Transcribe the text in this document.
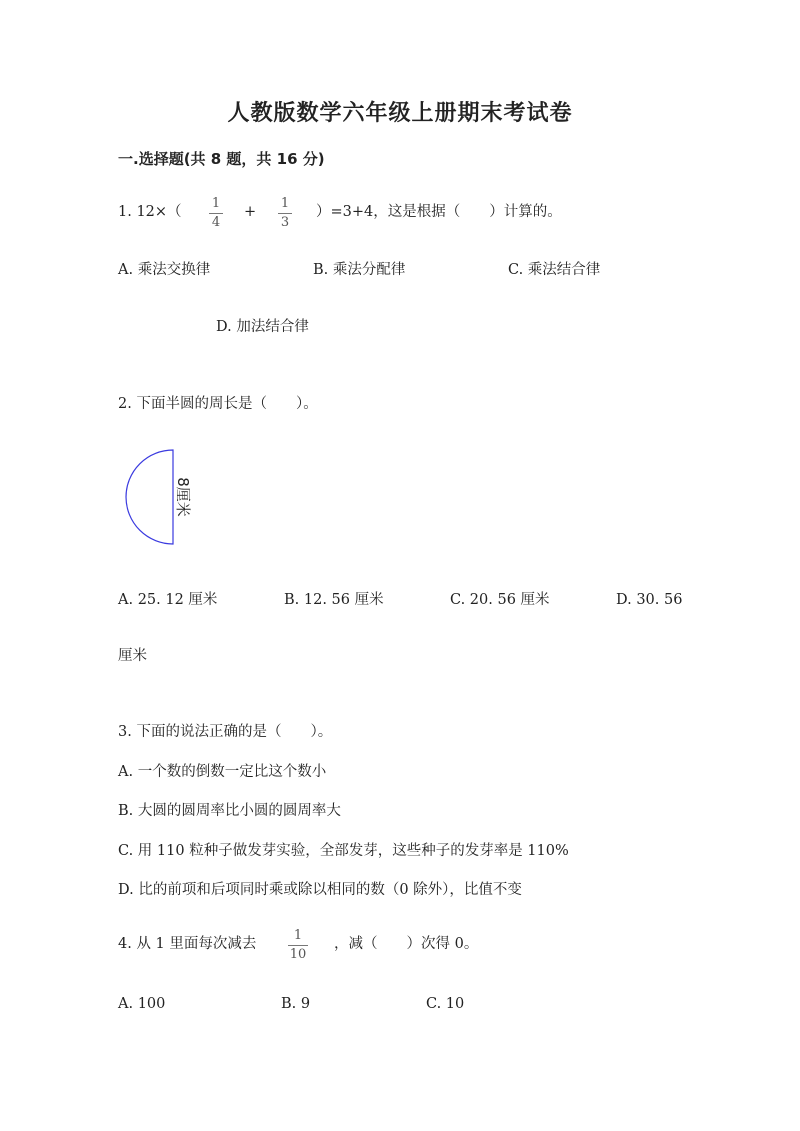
人教版数学六年级上册期末考试卷
一.选择题(共 8 题，共 16 分)
1. 12×（
1
4
+
1
3
）=3+4，这是根据（　　）计算的。
A. 乘法交换律	B. 乘法分配律	C. 乘法结合律
D. 加法结合律
2. 下面半圆的周长是（　　）。
8厘米
A. 25. 12 厘米	B. 12. 56 厘米	C. 20. 56 厘米	D. 30. 56
厘米
3. 下面的说法正确的是（　　）。
A. 一个数的倒数一定比这个数小
B. 大圆的圆周率比小圆的圆周率大
C. 用 110 粒种子做发芽实验，全部发芽，这些种子的发芽率是 110%
D. 比的前项和后项同时乘或除以相同的数（0 除外），比值不变
4. 从 1 里面每次减去
1
10
，减（　　）次得 0。
A. 100	B. 9	C. 10
